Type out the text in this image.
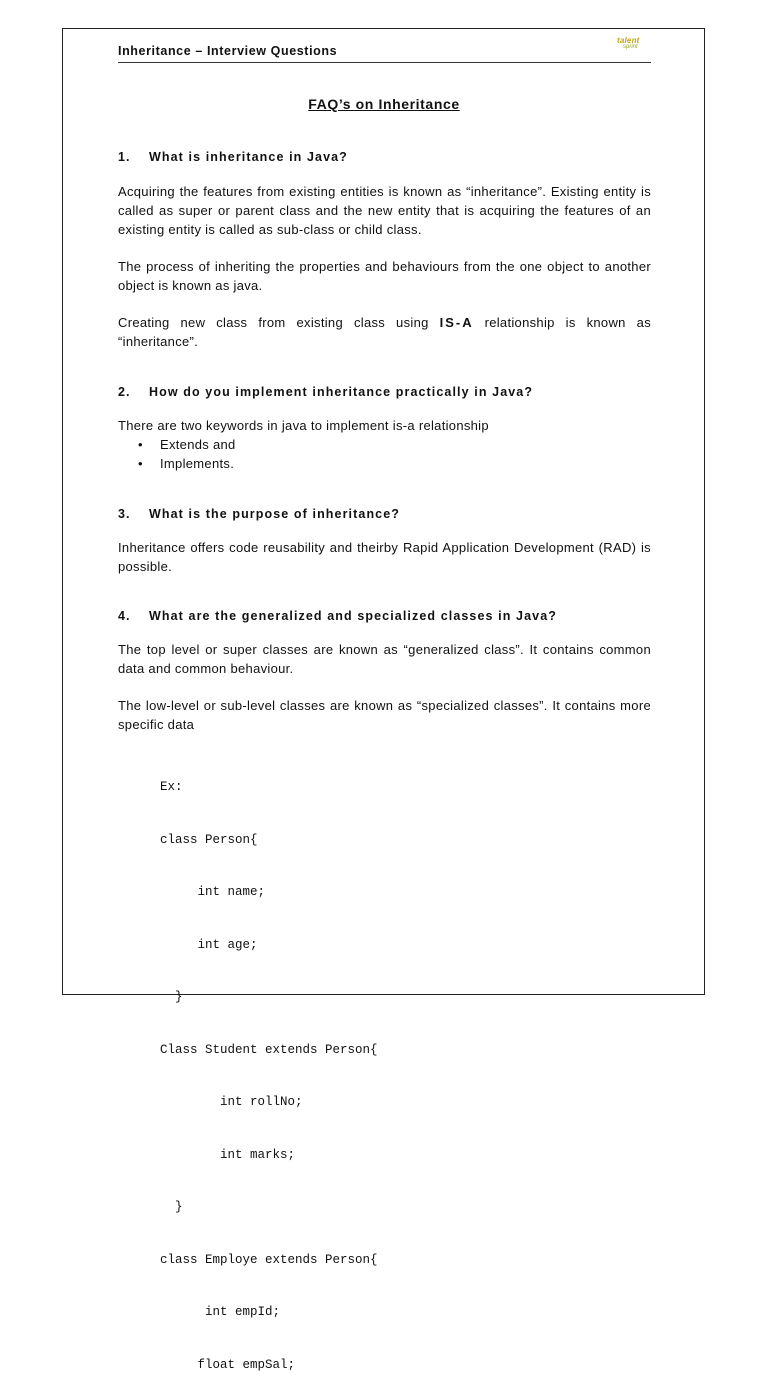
Inheritance – Interview Questions
talent
sprint
FAQ’s on Inheritance
1. What is inheritance in Java?
Acquiring the features from existing entities is known as “inheritance”. Existing entity is called as super or parent class and the new entity that is acquiring the features of an existing entity is called as sub-class or child class.
The process of inheriting the properties and behaviours from the one object to another object is known as java.
Creating new class from existing class using IS-A relationship is known as “inheritance”.
2. How do you implement inheritance practically in Java?
There are two keywords in java to implement is-a relationship
• Extends and
• Implements.
3. What is the purpose of inheritance?
Inheritance offers code reusability and theirby Rapid Application Development (RAD) is possible.
4. What are the generalized and specialized classes in Java?
The top level or super classes are known as “generalized class”. It contains common data and common behaviour.
The low-level or sub-level classes are known as “specialized classes”. It contains more specific data

Ex:

class Person{

int name;

int age;

}

Class Student extends Person{

int rollNo;

int marks;

}

class Employe extends Person{

int empId;

float empSal;
